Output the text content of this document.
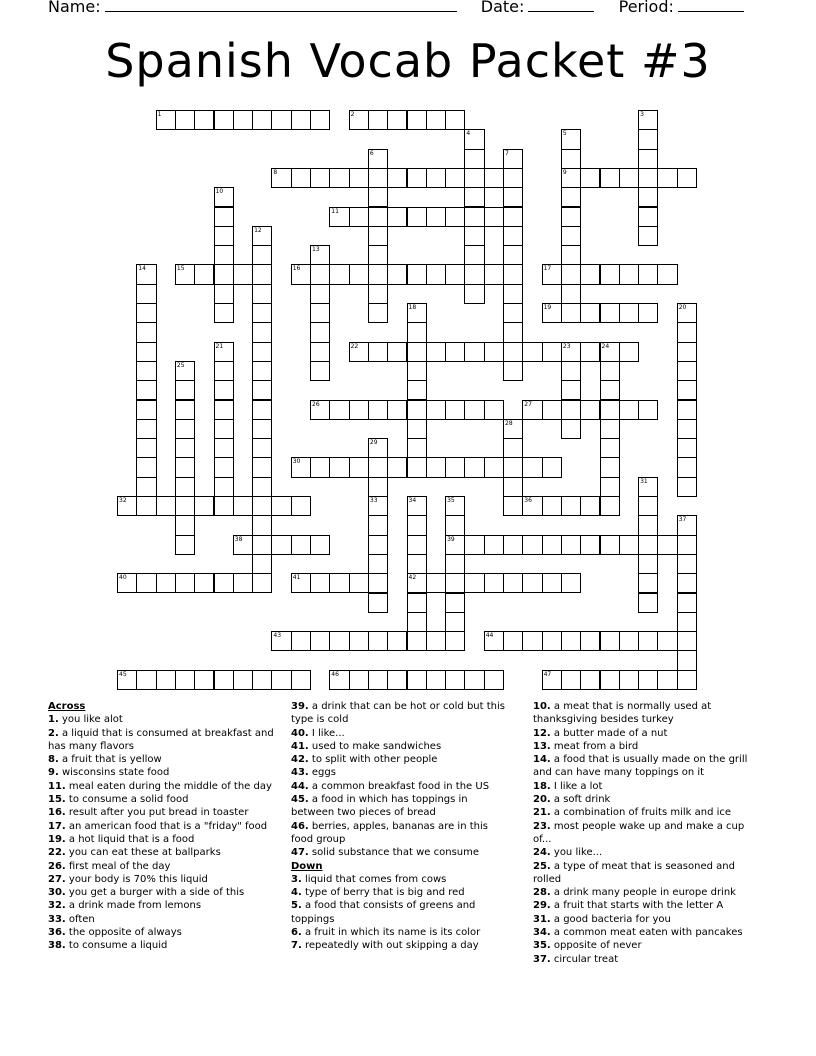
Name:	Date:	Period:
Spanish Vocab Packet #3
1	2	3
4	5
6	7
8	9
10
11
12
13
14	15	16	17
18	19	20
21	22	23	24
25
26	27
28
29
30
31
32	33	34	35	36
37
38	39
40	41	42
43	44
45	46	47
Across
1. you like alot
2. a liquid that is consumed at breakfast and has many flavors
8. a fruit that is yellow
9. wisconsins state food
11. meal eaten during the middle of the day
15. to consume a solid food
16. result after you put bread in toaster
17. an american food that is a "friday" food
19. a hot liquid that is a food
22. you can eat these at ballparks
26. first meal of the day
27. your body is 70% this liquid
30. you get a burger with a side of this
32. a drink made from lemons
33. often
36. the opposite of always
38. to consume a liquid
39. a drink that can be hot or cold but this type is cold
40. I like...
41. used to make sandwiches
42. to split with other people
43. eggs
44. a common breakfast food in the US
45. a food in which has toppings in between two pieces of bread
46. berries, apples, bananas are in this food group
47. solid substance that we consume
Down
3. liquid that comes from cows
4. type of berry that is big and red
5. a food that consists of greens and toppings
6. a fruit in which its name is its color
7. repeatedly with out skipping a day
10. a meat that is normally used at thanksgiving besides turkey
12. a butter made of a nut
13. meat from a bird
14. a food that is usually made on the grill and can have many toppings on it
18. I like a lot
20. a soft drink
21. a combination of fruits milk and ice
23. most people wake up and make a cup of...
24. you like...
25. a type of meat that is seasoned and rolled
28. a drink many people in europe drink
29. a fruit that starts with the letter A
31. a good bacteria for you
34. a common meat eaten with pancakes
35. opposite of never
37. circular treat
